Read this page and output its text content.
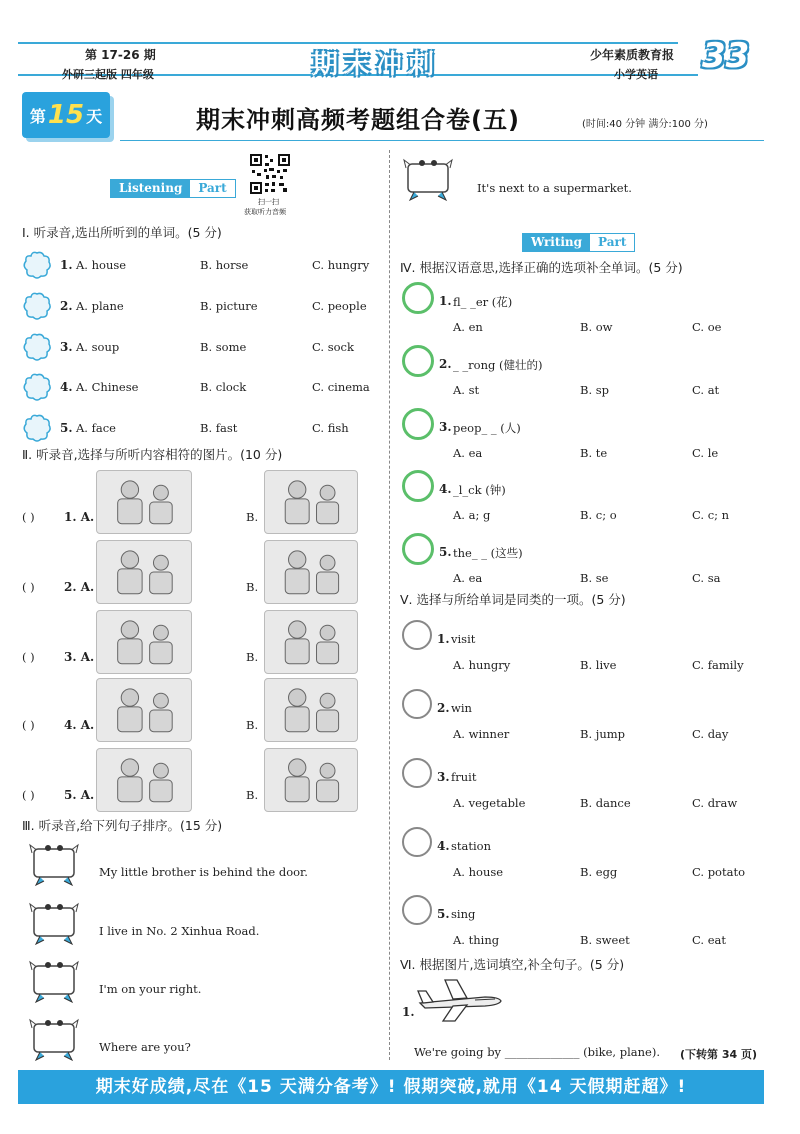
第 17-26 期
外研三起版 四年级	期末冲刺	少年素质教育报
小学英语 33
第 15 天	期末冲刺高频考题组合卷(五)	(时间:40 分钟 满分:100 分)
Listening	Part
扫一扫
获取听力音频
Ⅰ. 听录音,选出所听到的单词。(5 分)
Ⅱ. 听录音,选择与所听内容相符的图片。(10 分)
Ⅲ. 听录音,给下列句子排序。(15 分)
Writing	Part
Ⅳ. 根据汉语意思,选择正确的选项补全单词。(5 分)
Ⅴ. 选择与所给单词是同类的一项。(5 分)
Ⅵ. 根据图片,选词填空,补全句子。(5 分)
1.
We're going by _____________ (bike, plane). (下转第 34 页)
期末好成绩,尽在《15 天满分备考》! 假期突破,就用《14 天假期赶超》!
1. A. house	B. horse	C. hungry
2. A. plane	B. picture	C. people
3. A. soup	B. some	C. sock
4. A. Chinese	B. clock	C. cinema
5. A. face	B. fast	C. fish
( ) 1. A.	B.
( ) 2. A.	B.
( ) 3. A.	B.
( ) 4. A.	B.
( ) 5. A.	B.
My little brother is behind the door.
I live in No. 2 Xinhua Road.
I'm on your right.
Where are you?
It's next to a supermarket.
1. fl_ _er (花)
A. en	B. ow	C. oe
2. _ _rong (健壮的)
A. st	B. sp	C. at
3. peop_ _ (人)
A. ea	B. te	C. le
4. _l_ck (钟)
A. a; g	B. c; o	C. c; n
5. the_ _ (这些)
A. ea	B. se	C. sa
1. visit
A. hungry	B. live	C. family
2. win
A. winner	B. jump	C. day
3. fruit
A. vegetable	B. dance	C. draw
4. station
A. house	B. egg	C. potato
5. sing
A. thing	B. sweet	C. eat
